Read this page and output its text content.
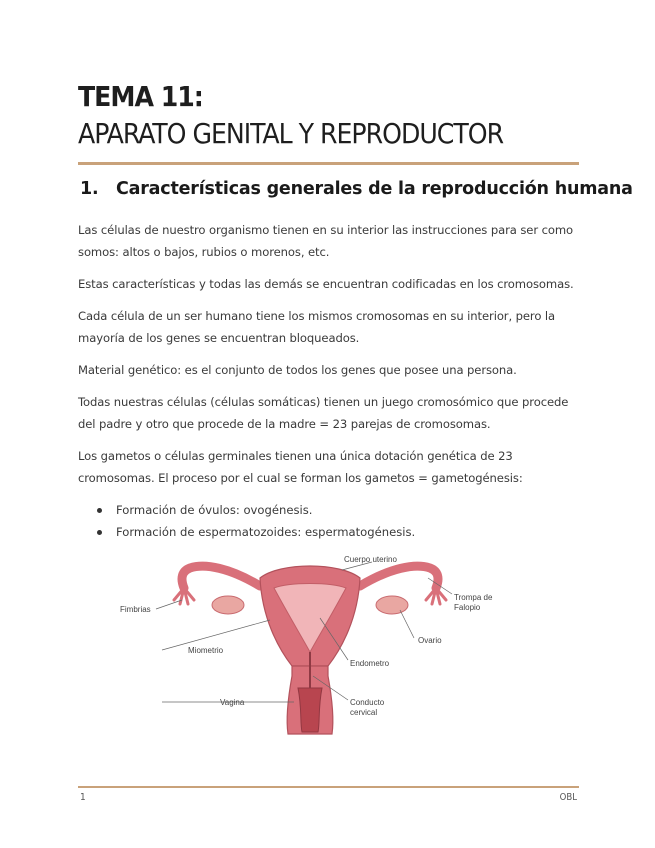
TEMA 11:
APARATO GENITAL Y REPRODUCTOR
1. Características generales de la reproducción humana

Las células de nuestro organismo tienen en su interior las instrucciones para ser como somos: altos o bajos, rubios o morenos, etc.

Estas características y todas las demás se encuentran codificadas en los cromosomas.

Cada célula de un ser humano tiene los mismos cromosomas en su interior, pero la mayoría de los genes se encuentran bloqueados.

Material genético: es el conjunto de todos los genes que posee una persona.

Todas nuestras células (células somáticas) tienen un juego cromosómico que procede del padre y otro que procede de la madre = 23 parejas de cromosomas.

Los gametos o células germinales tienen una única dotación genética de 23 cromosomas. El proceso por el cual se forman los gametos = gametogénesis:

Formación de óvulos: ovogénesis.
Formación de espermatozoides: espermatogénesis.
Cuerpo uterino
Trompa de
Falopio
Fimbrias
Ovario
Miometrio
Endometro
Vagina	Conducto
cervical
1	OBL
